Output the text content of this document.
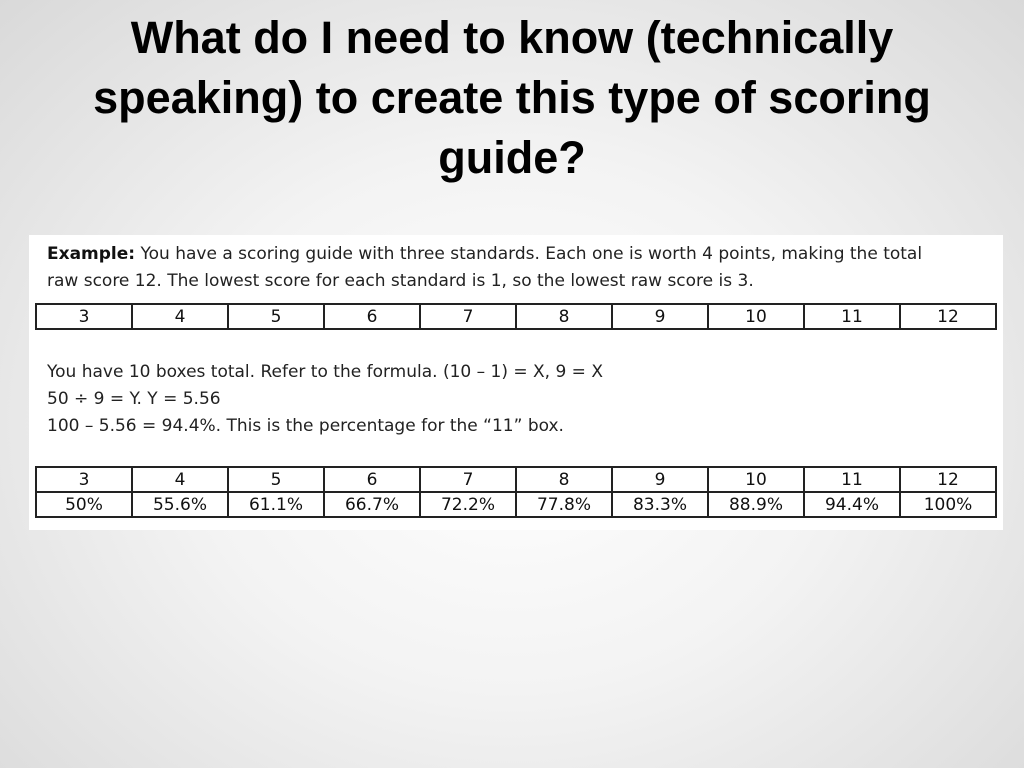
What do I need to know (technically speaking) to create this type of scoring guide?
Example: You have a scoring guide with three standards. Each one is worth 4 points, making the total
raw score 12. The lowest score for each standard is 1, so the lowest raw score is 3.
3	4	5	6	7	8	9	10	11	12
You have 10 boxes total. Refer to the formula. (10 – 1) = X, 9 = X
50 ÷ 9 = Y. Y = 5.56
100 – 5.56 = 94.4%. This is the percentage for the “11” box.
3	4	5	6	7	8	9	10	11	12
50%	55.6%	61.1%	66.7%	72.2%	77.8%	83.3%	88.9%	94.4%	100%
